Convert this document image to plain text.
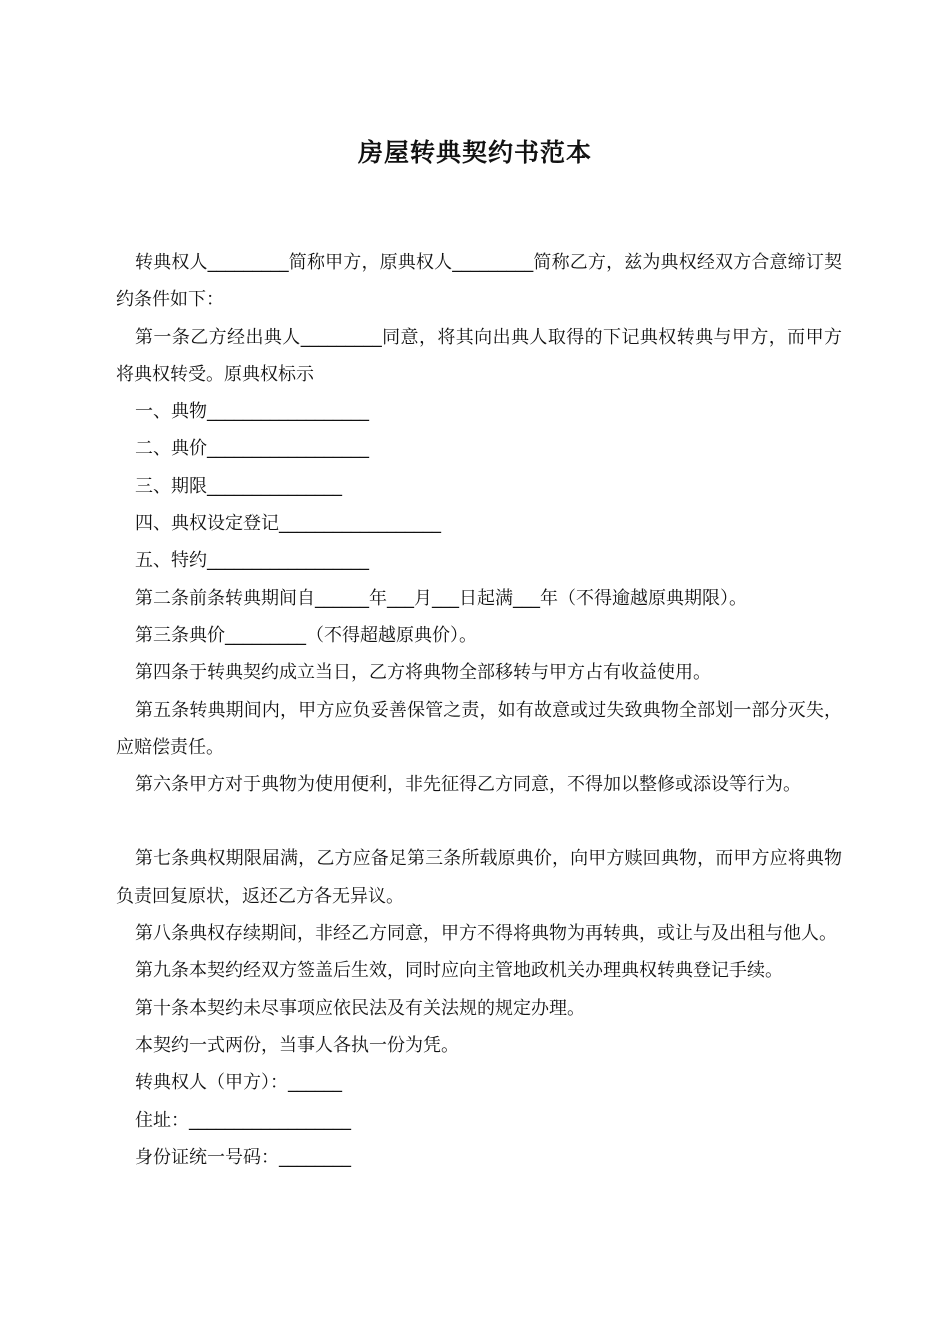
房屋转典契约书范本

转典权人_________简称甲方，原典权人_________简称乙方，兹为典权经双方合意缔订契约条件如下：

第一条乙方经出典人_________同意，将其向出典人取得的下记典权转典与甲方，而甲方将典权转受。原典权标示

一、典物__________________

二、典价__________________

三、期限_______________

四、典权设定登记__________________

五、特约__________________

第二条前条转典期间自______年___月___日起满___年（不得逾越原典期限）。

第三条典价_________（不得超越原典价）。

第四条于转典契约成立当日，乙方将典物全部移转与甲方占有收益使用。

第五条转典期间内，甲方应负妥善保管之责，如有故意或过失致典物全部划一部分灭失，应赔偿责任。

第六条甲方对于典物为使用便利，非先征得乙方同意，不得加以整修或添设等行为。

第七条典权期限届满，乙方应备足第三条所载原典价，向甲方赎回典物，而甲方应将典物负责回复原状，返还乙方各无异议。

第八条典权存续期间，非经乙方同意，甲方不得将典物为再转典，或让与及出租与他人。

第九条本契约经双方签盖后生效，同时应向主管地政机关办理典权转典登记手续。

第十条本契约未尽事项应依民法及有关法规的规定办理。

本契约一式两份，当事人各执一份为凭。

转典权人（甲方）：______

住址：__________________

身份证统一号码：________
